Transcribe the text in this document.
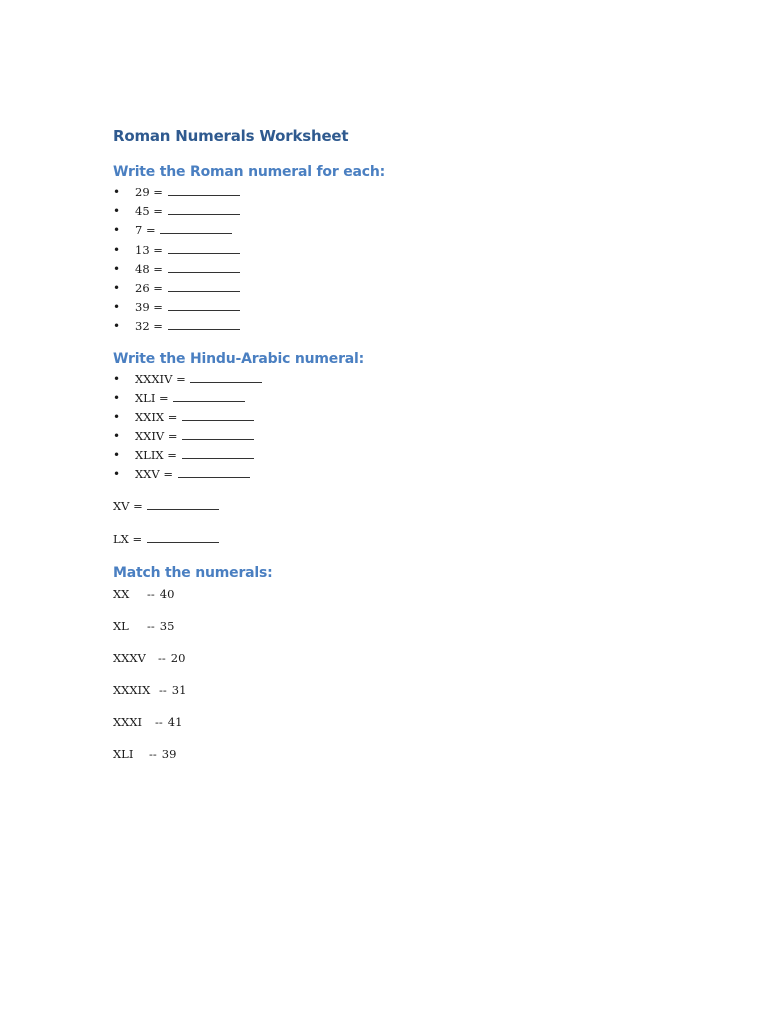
Roman Numerals Worksheet
Write the Roman numeral for each:
• 29 =
• 45 =
• 7 =
• 13 =
• 48 =
• 26 =
• 39 =
• 32 =
Write the Hindu-Arabic numeral:
• XXXIV =
• XLI =
• XXIX =
• XXIV =
• XLIX =
• XXV =
XV =
LX =
Match the numerals:
XX -- 40
XL -- 35
XXXV -- 20
XXXIX -- 31
XXXI -- 41
XLI -- 39
